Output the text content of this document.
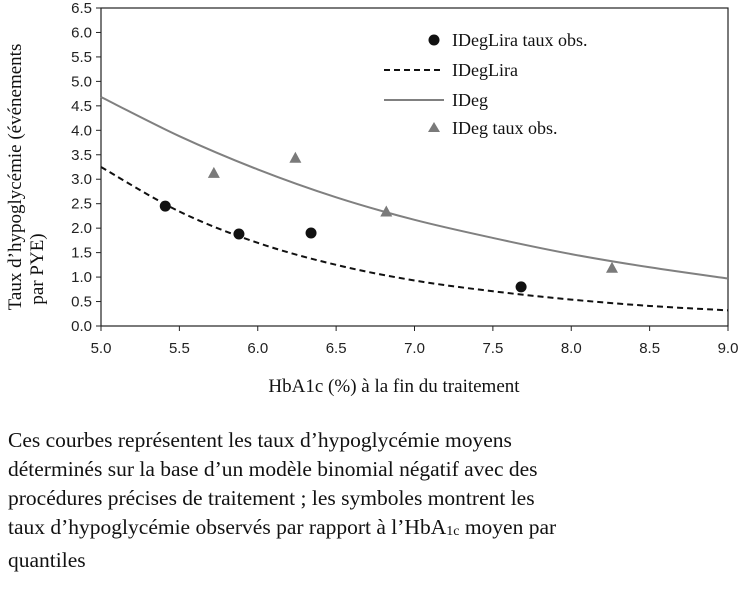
0.0
0.5
1.0
1.5
2.0
2.5
3.0
3.5
4.0
4.5
5.0
5.5
6.0
6.5
5.0	5.5	6.0	6.5	7.0	7.5	8.0	8.5	9.0
Taux d’hypoglycémie (événements par PYE)
HbA1c (%) à la fin du traitement
IDegLira taux obs.
IDegLira
IDeg
IDeg taux obs.

Ces courbes représentent les taux d’hypoglycémie moyens
déterminés sur la base d’un modèle binomial négatif avec des
procédures précises de traitement ; les symboles montrent les
taux d’hypoglycémie observés par rapport à l’HbA$_{1c}$ moyen par
quantiles
